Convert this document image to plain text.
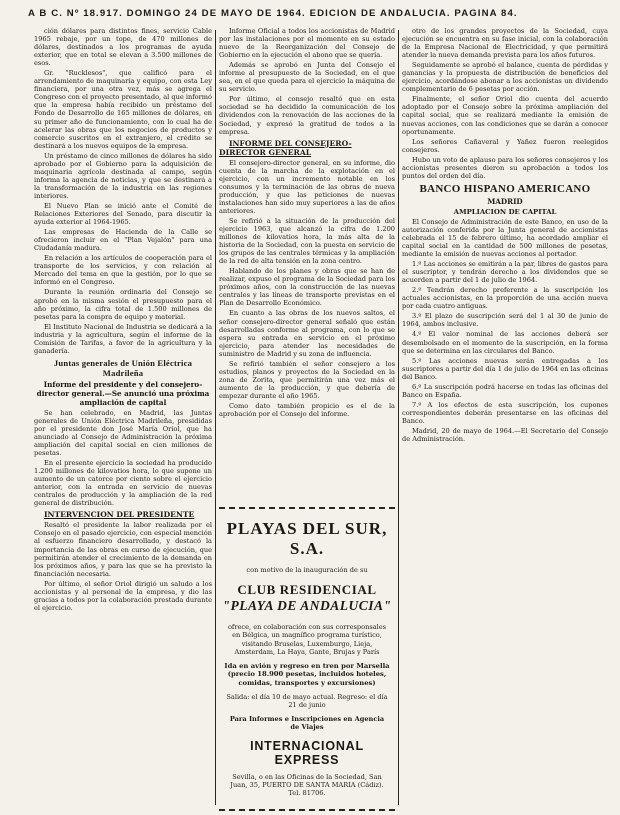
A B C. Nº 18.917. DOMINGO 24 DE MAYO DE 1964. EDICION DE ANDALUCIA. PAGINA 84.

ción dólares para distintos fines, servicio Cable 1965 rebaje, por un tope, de 470 millones de dólares, destinados a los programas de ayuda exterior, que en total se elevan a 3.500 millones de esos.

Gr. "Rucklesos", que calificó para el arrendamiento de maquinaria y equipo, con esta Ley financiera, por una otra vez, más se agrega el Congreso con el proyecto presentado, al que informó que la empresa había recibido un préstamo del Fondo de Desarrollo de 165 millones de dólares, en su primer año de funcionamiento, con lo cual ha de acelerar las obras que los negocios de productos y comercio suscritos en el extranjero, el crédito se destinará a los nuevos equipos de la empresa.

Un préstamo de cinco millones de dólares ha sido aprobado por el Gobierno para la adquisición de maquinaria agrícola destinada al campo, según informa la agencia de noticias, y que se destinará a la transformación de la industria en las regiones interiores.

El Nuevo Plan se inició ante el Comité de Relaciones Exteriores del Senado, para discutir la ayuda exterior al 1964-1965.

Las empresas de Hacienda de la Calle se ofrecieron incluir en el "Plan Vejalón" para una Ciudadanía madura.

En relación a los artículos de cooperación para el transporte de los servicios, y con relación al Mercado del tema en que la gestión, por lo que se informó en el Congreso.

Durante la reunión ordinaria del Consejo se aprobó en la misma sesión el presupuesto para el año próximo, la cifra total de 1.500 millones de pesetas para la compra de equipo y material.

El Instituto Nacional de Industria se dedicará a la industria y la agricultura, según el informe de la Comisión de Tarifas, a favor de la agricultura y la ganadería.

Juntas generales de Unión Eléctrica Madrileña

Informe del presidente y del consejero-director general.—Se anunció una próxima ampliación de capital

Se han celebrado, en Madrid, las Juntas generales de Unión Eléctrica Madrileña, presididas por el presidente don José María Oriol, que ha anunciado al Consejo de Administración la próxima ampliación del capital social en cien millones de pesetas.

En el presente ejercicio la sociedad ha producido 1.200 millones de kilovatios hora, lo que supone un aumento de un catorce por ciento sobre el ejercicio anterior, con la entrada en servicio de nuevas centrales de producción y la ampliación de la red general de distribución.

INTERVENCION DEL PRESIDENTE

Resaltó el presidente la labor realizada por el Consejo en el pasado ejercicio, con especial mención al esfuerzo financiero desarrollado, y destacó la importancia de las obras en curso de ejecución, que permitirán atender el crecimiento de la demanda en los próximos años, y para las que se ha previsto la financiación necesaria.

Por último, el señor Oriol dirigió un saludo a los accionistas y al personal de la empresa, y dio las gracias a todos por la colaboración prestada durante el ejercicio.

Informe Oficial a todos los accionistas de Madrid por las instalaciones por el momento en su estado nuevo de la Reorganización del Consejo de Gobierno en la ejecución el abono que se quería.

Además se aprobó en Junta del Consejo el informe al presupuesto de la Sociedad, en el que sea, en el que queda para el ejercicio la máquina de su servicio.

Por último, el consejo resaltó que en esta sociedad se ha decidido la comunicación de los dividendos con la renovación de las acciones de la Sociedad, y expresó la gratitud de todos a la empresa.

INFORME DEL CONSEJERO-DIRECTOR GENERAL

El consejero-director general, en su informe, dio cuenta de la marcha de la explotación en el ejercicio, con un incremento notable en los consumos y la terminación de las obras de nueva producción, y que las peticiones de nuevas instalaciones han sido muy superiores a las de años anteriores.

Se refirió a la situación de la producción del ejercicio 1963, que alcanzó la cifra de 1.200 millones de kilovatios hora, la más alta de la historia de la Sociedad, con la puesta en servicio de los grupos de las centrales térmicas y la ampliación de la red de alta tensión en la zona centro.

Hablando de los planes y obras que se han de realizar, expuso el programa de la Sociedad para los próximos años, con la construcción de las nuevas centrales y las líneas de transporte previstas en el Plan de Desarrollo Económico.

En cuanto a las obras de los nuevos saltos, el señor consejero-director general señaló que están desarrolladas conforme al programa, con lo que se espera su entrada en servicio en el próximo ejercicio, para atender las necesidades de suministro de Madrid y su zona de influencia.

Se refirió también el señor consejero a los estudios, planos y proyectos de la Sociedad en la zona de Zorita, que permitirán una vez más el aumento de la producción, y que debería de empezar durante el año 1965.

Como dato también propicio es el de la aprobación por el Consejo del informe.

PLAYAS DEL SUR, S.A.
con motivo de la inauguración de su
CLUB RESIDENCIAL
"PLAYA DE ANDALUCIA"
ofrece, en colaboración con sus corresponsales en Bélgica, un magnífico programa turístico, visitando Bruselas, Luxemburgo, Lieja, Amsterdam, La Haya, Gante, Brujas y París
Ida en avión y regreso en tren por Marsella (precio 18.900 pesetas, incluidos hoteles, comidas, transportes y excursiones)
Salida: el día 10 de mayo actual. Regreso: el día 21 de junio
Para Informes e Inscripciones en Agencia de Viajes
INTERNACIONAL EXPRESS
Sevilla, o en las Oficinas de la Sociedad, San Juan, 35, PUERTO DE SANTA MARIA (Cádiz). Tel. 81706.

otro de los grandes proyectos de la Sociedad, cuya ejecución se encuentra en su fase inicial, con la colaboración de la Empresa Nacional de Electricidad, y que permitirá atender la nueva demanda prevista para los años futuros.

Seguidamente se aprobó el balance, cuenta de pérdidas y ganancias y la propuesta de distribución de beneficios del ejercicio, acordándose abonar a los accionistas un dividendo complementario de 6 pesetas por acción.

Finalmente, el señor Oriol dio cuenta del acuerdo adoptado por el Consejo sobre la próxima ampliación del capital social, que se realizará mediante la emisión de nuevas acciones, con las condiciones que se darán a conocer oportunamente.

Los señores Cañaveral y Yañez fueron reelegidos consejeros.

Hubo un voto de aplauso para los señores consejeros y los accionistas presentes dieron su aprobación a todos los puntos del orden del día.

BANCO HISPANO AMERICANO
MADRID
AMPLIACION DE CAPITAL

El Consejo de Administración de este Banco, en uso de la autorización conferida por la Junta general de accionistas celebrada el 15 de febrero último, ha acordado ampliar el capital social en la cantidad de 500 millones de pesetas, mediante la emisión de nuevas acciones al portador.

1.º Las acciones se emitirán a la par, libres de gastos para el suscriptor, y tendrán derecho a los dividendos que se acuerden a partir del 1 de julio de 1964.

2.º Tendrán derecho preferente a la suscripción los actuales accionistas, en la proporción de una acción nueva por cada cuatro antiguas.

3.º El plazo de suscripción será del 1 al 30 de junio de 1964, ambos inclusive.

4.º El valor nominal de las acciones deberá ser desembolsado en el momento de la suscripción, en la forma que se determina en las circulares del Banco.

5.º Las acciones nuevas serán entregadas a los suscriptores a partir del día 1 de julio de 1964 en las oficinas del Banco.

6.º La suscripción podrá hacerse en todas las oficinas del Banco en España.

7.º A los efectos de esta suscripción, los cupones correspondientes deberán presentarse en las oficinas del Banco.

Madrid, 20 de mayo de 1964.—El Secretario del Consejo de Administración.
